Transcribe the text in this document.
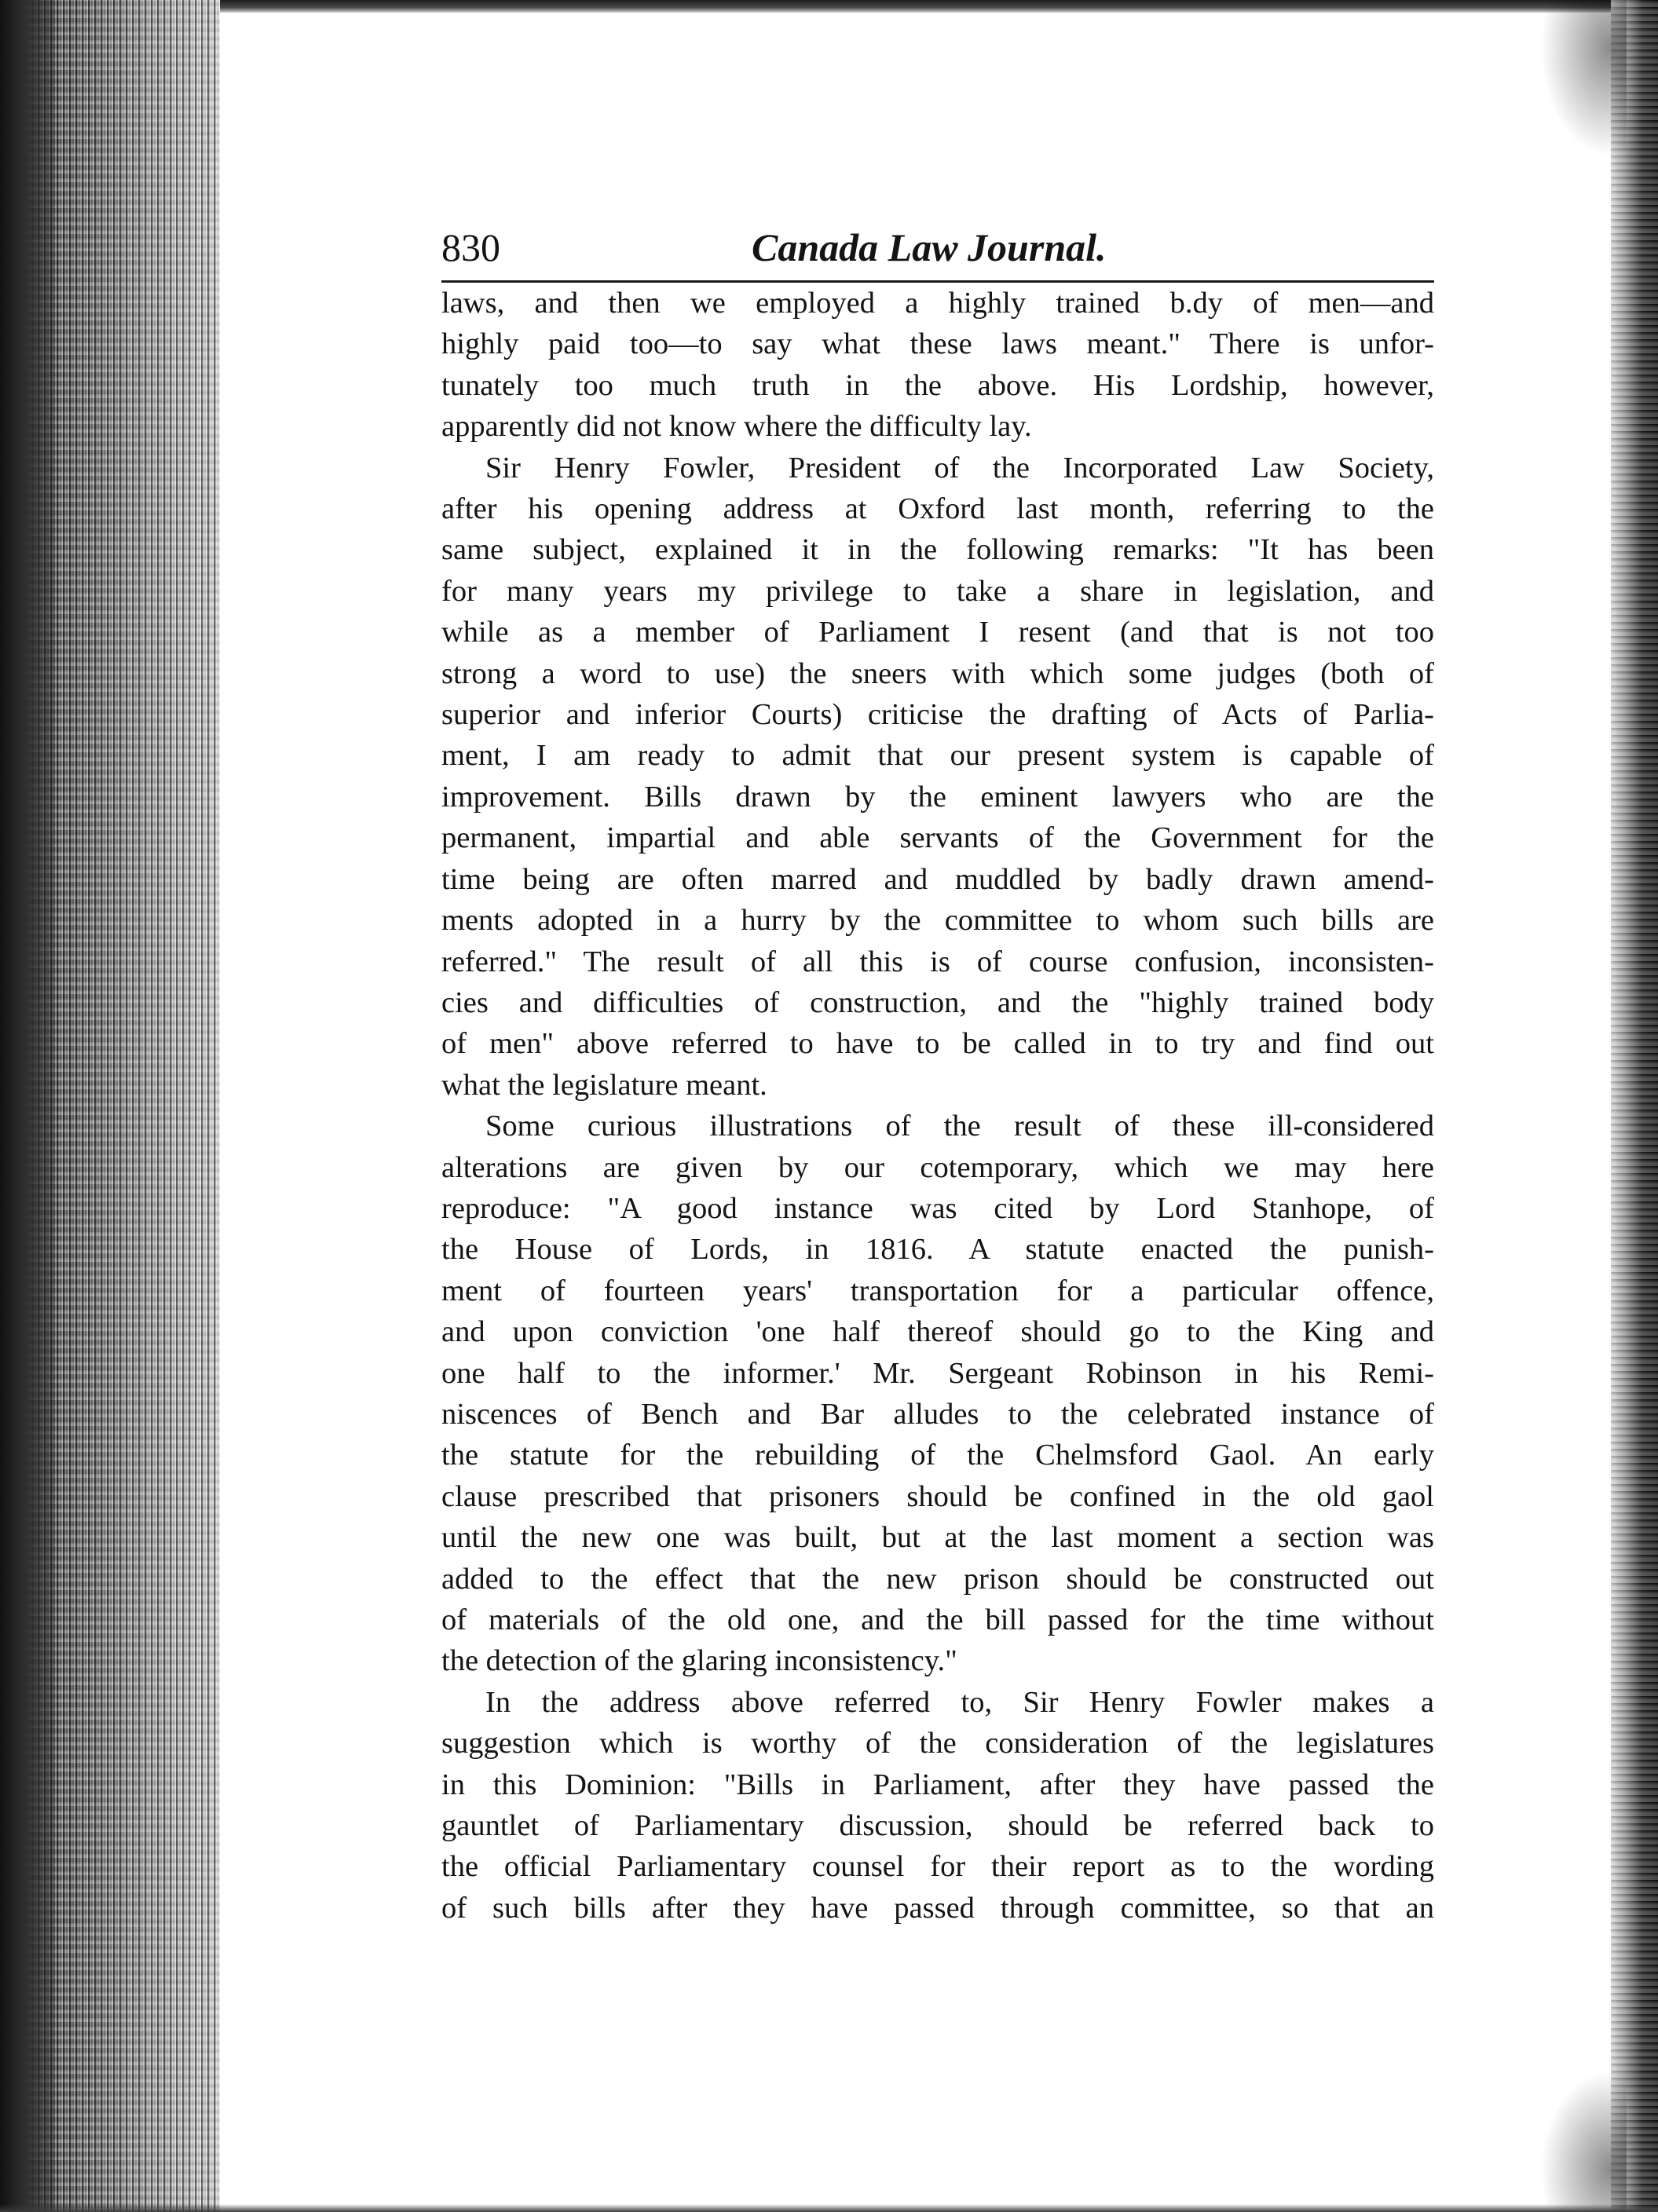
830	Canada Law Journal.
laws, and then we employed a highly trained b.dy of men—and
highly paid too—to say what these laws meant." There is unfor-
tunately too much truth in the above. His Lordship, however,
apparently did not know where the difficulty lay.
Sir Henry Fowler, President of the Incorporated Law Society,
after his opening address at Oxford last month, referring to the
same subject, explained it in the following remarks: "It has been
for many years my privilege to take a share in legislation, and
while as a member of Parliament I resent (and that is not too
strong a word to use) the sneers with which some judges (both of
superior and inferior Courts) criticise the drafting of Acts of Parlia-
ment, I am ready to admit that our present system is capable of
improvement. Bills drawn by the eminent lawyers who are the
permanent, impartial and able servants of the Government for the
time being are often marred and muddled by badly drawn amend-
ments adopted in a hurry by the committee to whom such bills are
referred." The result of all this is of course confusion, inconsisten-
cies and difficulties of construction, and the "highly trained body
of men" above referred to have to be called in to try and find out
what the legislature meant.
Some curious illustrations of the result of these ill-considered
alterations are given by our cotemporary, which we may here
reproduce: "A good instance was cited by Lord Stanhope, of
the House of Lords, in 1816. A statute enacted the punish-
ment of fourteen years' transportation for a particular offence,
and upon conviction 'one half thereof should go to the King and
one half to the informer.' Mr. Sergeant Robinson in his Remi-
niscences of Bench and Bar alludes to the celebrated instance of
the statute for the rebuilding of the Chelmsford Gaol. An early
clause prescribed that prisoners should be confined in the old gaol
until the new one was built, but at the last moment a section was
added to the effect that the new prison should be constructed out
of materials of the old one, and the bill passed for the time without
the detection of the glaring inconsistency."
In the address above referred to, Sir Henry Fowler makes a
suggestion which is worthy of the consideration of the legislatures
in this Dominion: "Bills in Parliament, after they have passed the
gauntlet of Parliamentary discussion, should be referred back to
the official Parliamentary counsel for their report as to the wording
of such bills after they have passed through committee, so that an
